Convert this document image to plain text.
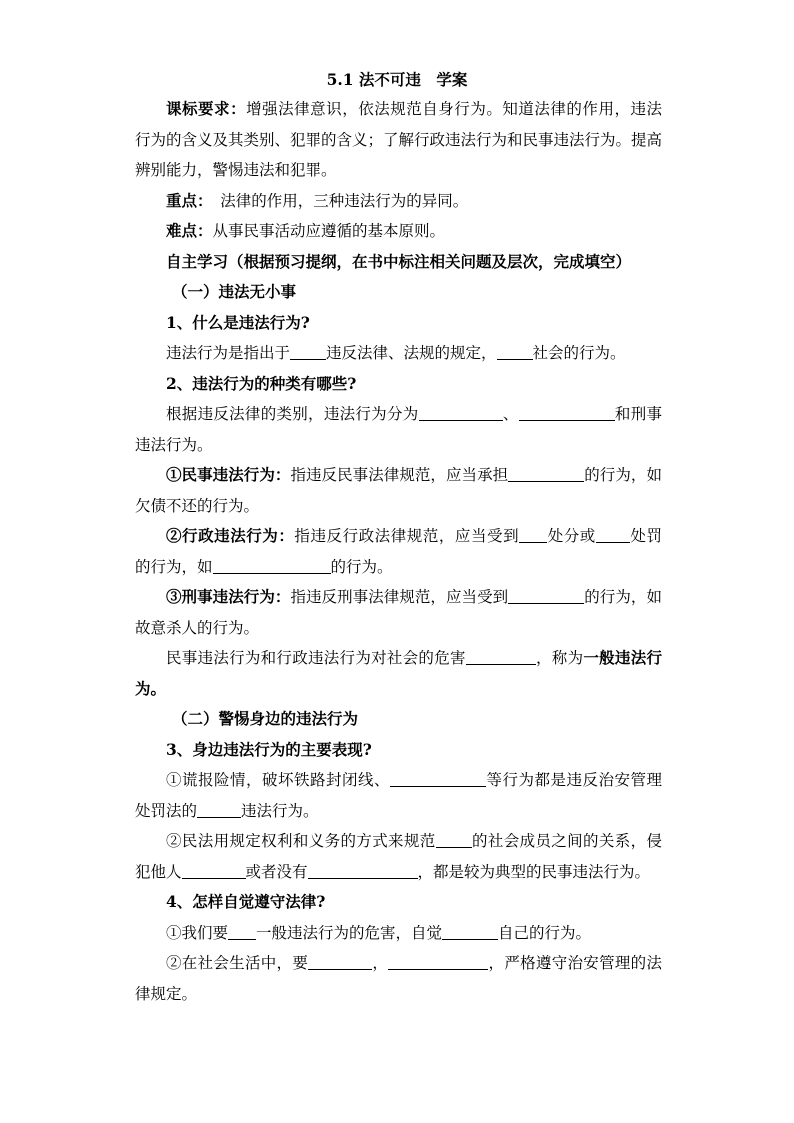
5.1 法不可违　学案

课标要求：增强法律意识，依法规范自身行为。知道法律的作用，违法行为的含义及其类别、犯罪的含义；了解行政违法行为和民事违法行为。提高辨别能力，警惕违法和犯罪。

重点：　法律的作用，三种违法行为的异同。

难点：从事民事活动应遵循的基本原则。

自主学习（根据预习提纲，在书中标注相关问题及层次，完成填空）

（一）违法无小事

1、什么是违法行为?

违法行为是指出于 违反法律、法规的规定， 社会的行为。

2、违法行为的种类有哪些?

根据违反法律的类别，违法行为分为	、	和刑事违法行为。

①民事违法行为：指违反民事法律规范，应当承担	的行为，如欠债不还的行为。

②行政违法行为：指违反行政法律规范，应当受到 处分或 处罚的行为，如	的行为。

③刑事违法行为：指违反刑事法律规范，应当受到	的行为，如故意杀人的行为。

民事违法行为和行政违法行为对社会的危害	，称为一般违法行为。

（二）警惕身边的违法行为

3、身边违法行为的主要表现?

①谎报险情，破坏铁路封闭线、	等行为都是违反治安管理处罚法的	违法行为。

②民法用规定权利和义务的方式来规范 的社会成员之间的关系，侵犯他人	或者没有	，都是较为典型的民事违法行为。

4、怎样自觉遵守法律?

①我们要 一般违法行为的危害，自觉	自己的行为。

②在社会生活中，要	，	，严格遵守治安管理的法律规定。
